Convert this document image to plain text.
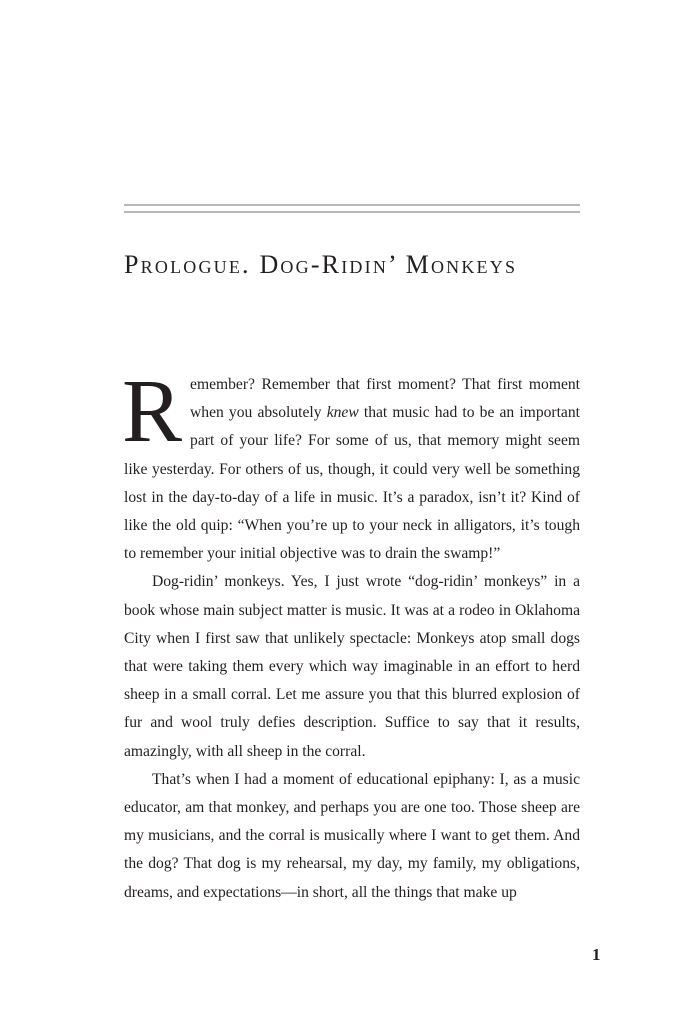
Prologue. Dog-Ridin’ Monkeys

Remember? Remember that first moment? That first moment when you absolutely knew that music had to be an important part of your life? For some of us, that memory might seem like yesterday. For others of us, though, it could very well be something lost in the day-to-day of a life in music. It’s a paradox, isn’t it? Kind of like the old quip: “When you’re up to your neck in alligators, it’s tough to remember your initial objective was to drain the swamp!”

Dog-ridin’ monkeys. Yes, I just wrote “dog-ridin’ monkeys” in a book whose main subject matter is music. It was at a rodeo in Oklahoma City when I first saw that unlikely spectacle: Monkeys atop small dogs that were taking them every which way imaginable in an effort to herd sheep in a small corral. Let me assure you that this blurred explosion of fur and wool truly defies description. Suffice to say that it results, amazingly, with all sheep in the corral.

That’s when I had a moment of educational epiphany: I, as a music educator, am that monkey, and perhaps you are one too. Those sheep are my musicians, and the corral is musically where I want to get them. And the dog? That dog is my rehearsal, my day, my family, my obligations, dreams, and expectations—in short, all the things that make up

1
